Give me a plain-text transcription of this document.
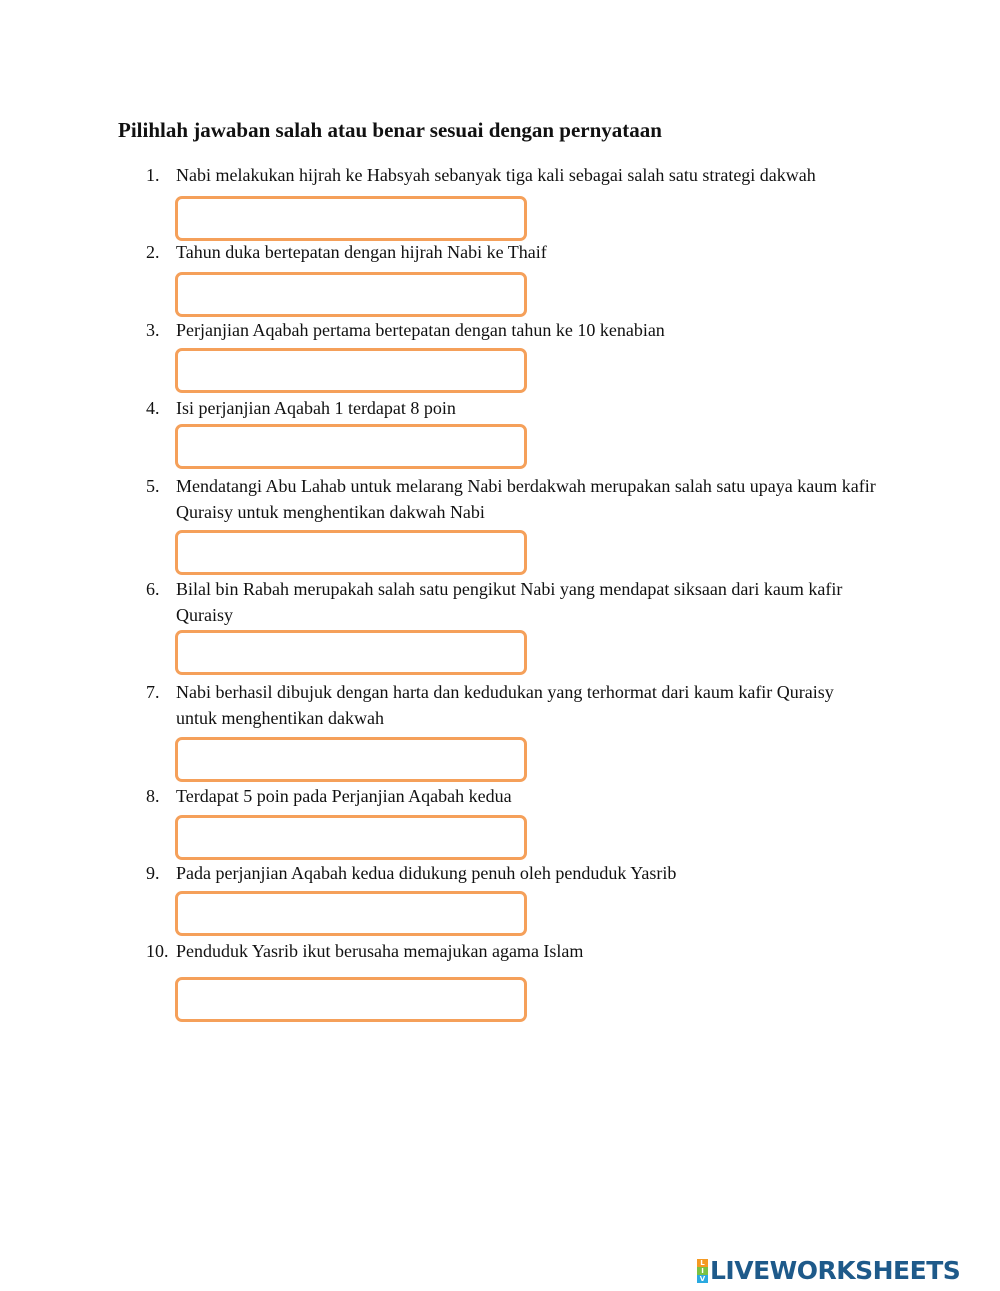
Pilihlah jawaban salah atau benar sesuai dengan pernyataan
1. Nabi melakukan hijrah ke Habsyah sebanyak tiga kali sebagai salah satu strategi dakwah
2. Tahun duka bertepatan dengan hijrah Nabi ke Thaif
3. Perjanjian Aqabah pertama bertepatan dengan tahun ke 10 kenabian
4. Isi perjanjian Aqabah 1 terdapat 8 poin
5. Mendatangi Abu Lahab untuk melarang Nabi berdakwah merupakan salah satu upaya kaum kafir Quraisy untuk menghentikan dakwah Nabi
6. Bilal bin Rabah merupakah salah satu pengikut Nabi yang mendapat siksaan dari kaum kafir Quraisy
7. Nabi berhasil dibujuk dengan harta dan kedudukan yang terhormat dari kaum kafir Quraisy untuk menghentikan dakwah
8. Terdapat 5 poin pada Perjanjian Aqabah kedua
9. Pada perjanjian Aqabah kedua didukung penuh oleh penduduk Yasrib
10. Penduduk Yasrib ikut berusaha memajukan agama Islam
L
I
V LIVEWORKSHEETS
